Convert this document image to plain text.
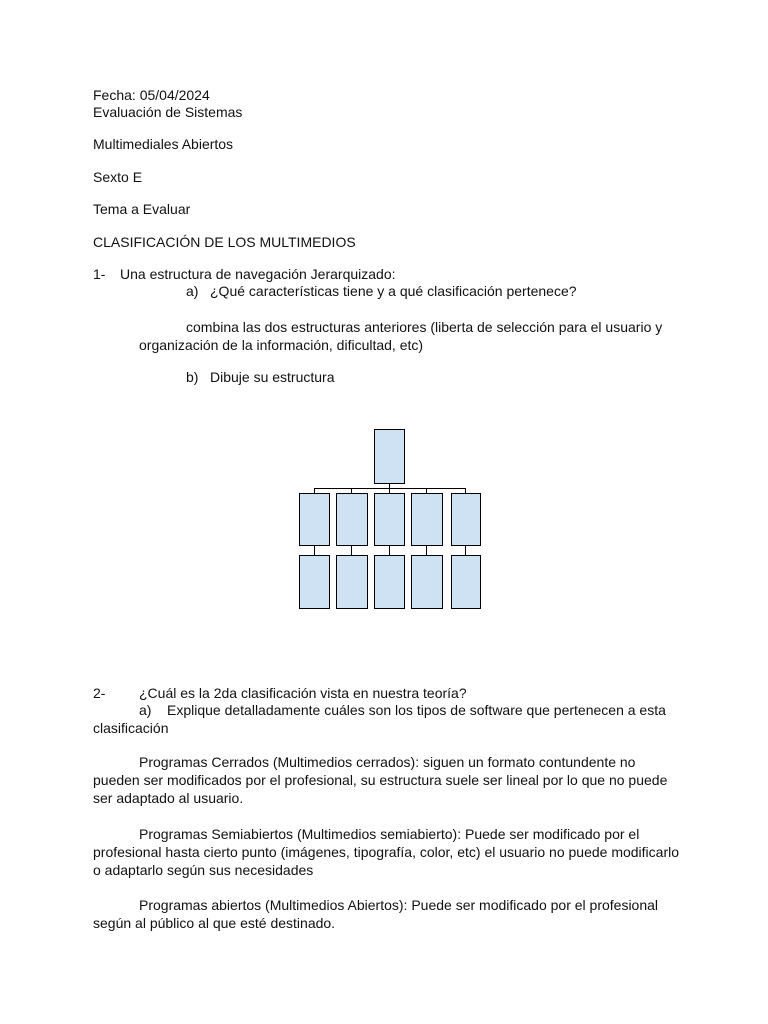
Fecha: 05/04/2024
Evaluación de Sistemas
Multimediales Abiertos
Sexto E
Tema a Evaluar
CLASIFICACIÓN DE LOS MULTIMEDIOS
1- Una estructura de navegación Jerarquizado:
a) ¿Qué características tiene y a qué clasificación pertenece?
combina las dos estructuras anteriores (liberta de selección para el usuario y
organización de la información, dificultad, etc)
b) Dibuje su estructura
2- ¿Cuál es la 2da clasificación vista en nuestra teoría?
a) Explique detalladamente cuáles son los tipos de software que pertenecen a esta
clasificación
Programas Cerrados (Multimedios cerrados): siguen un formato contundente no pueden ser modificados por el profesional, su estructura suele ser lineal por lo que no puede ser adaptado al usuario.
Programas Semiabiertos (Multimedios semiabierto): Puede ser modificado por el profesional hasta cierto punto (imágenes, tipografía, color, etc) el usuario no puede modificarlo o adaptarlo según sus necesidades
Programas abiertos (Multimedios Abiertos): Puede ser modificado por el profesional según al público al que esté destinado.
